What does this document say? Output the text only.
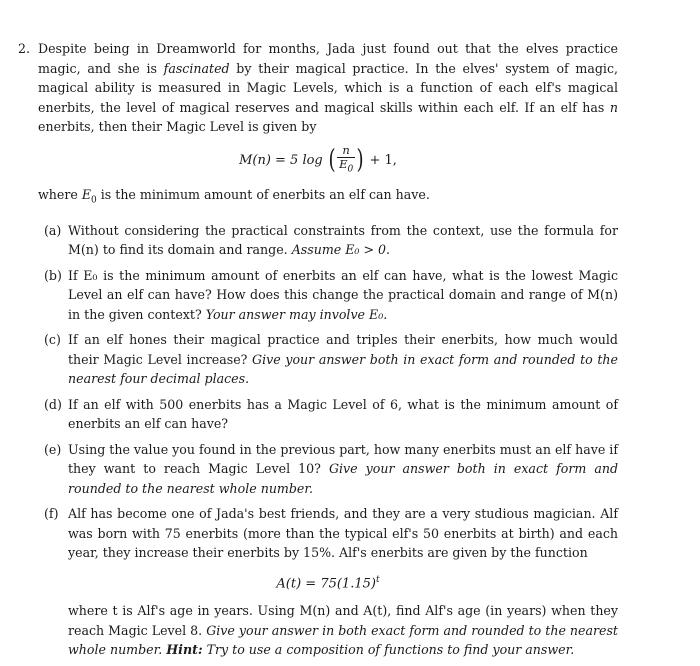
2. Despite being in Dreamworld for months, Jada just found out that the elves practice magic, and she is fascinated by their magical practice. In the elves' system of magic, magical ability is measured in Magic Levels, which is a function of each elf's magical enerbits, the level of magical reserves and magical skills within each elf. If an elf has n enerbits, then their Magic Level is given by
M(n) = 5 log ( $\frac{n}{E_0}$ ) + 1,
where $E_0$ is the minimum amount of enerbits an elf can have.
(a) Without considering the practical constraints from the context, use the formula for M(n) to find its domain and range. Assume E₀ > 0.
(b) If E₀ is the minimum amount of enerbits an elf can have, what is the lowest Magic Level an elf can have? How does this change the practical domain and range of M(n) in the given context? Your answer may involve E₀.
(c) If an elf hones their magical practice and triples their enerbits, how much would their Magic Level increase? Give your answer both in exact form and rounded to the nearest four decimal places.
(d) If an elf with 500 enerbits has a Magic Level of 6, what is the minimum amount of enerbits an elf can have?
(e) Using the value you found in the previous part, how many enerbits must an elf have if they want to reach Magic Level 10? Give your answer both in exact form and rounded to the nearest whole number.
(f) Alf has become one of Jada's best friends, and they are a very studious magician. Alf was born with 75 enerbits (more than the typical elf's 50 enerbits at birth) and each year, they increase their enerbits by 15%. Alf's enerbits are given by the function
$A(t) = 75(1.15)^t$
where t is Alf's age in years. Using M(n) and A(t), find Alf's age (in years) when they reach Magic Level 8. Give your answer in both exact form and rounded to the nearest whole number. Hint: Try to use a composition of functions to find your answer.
